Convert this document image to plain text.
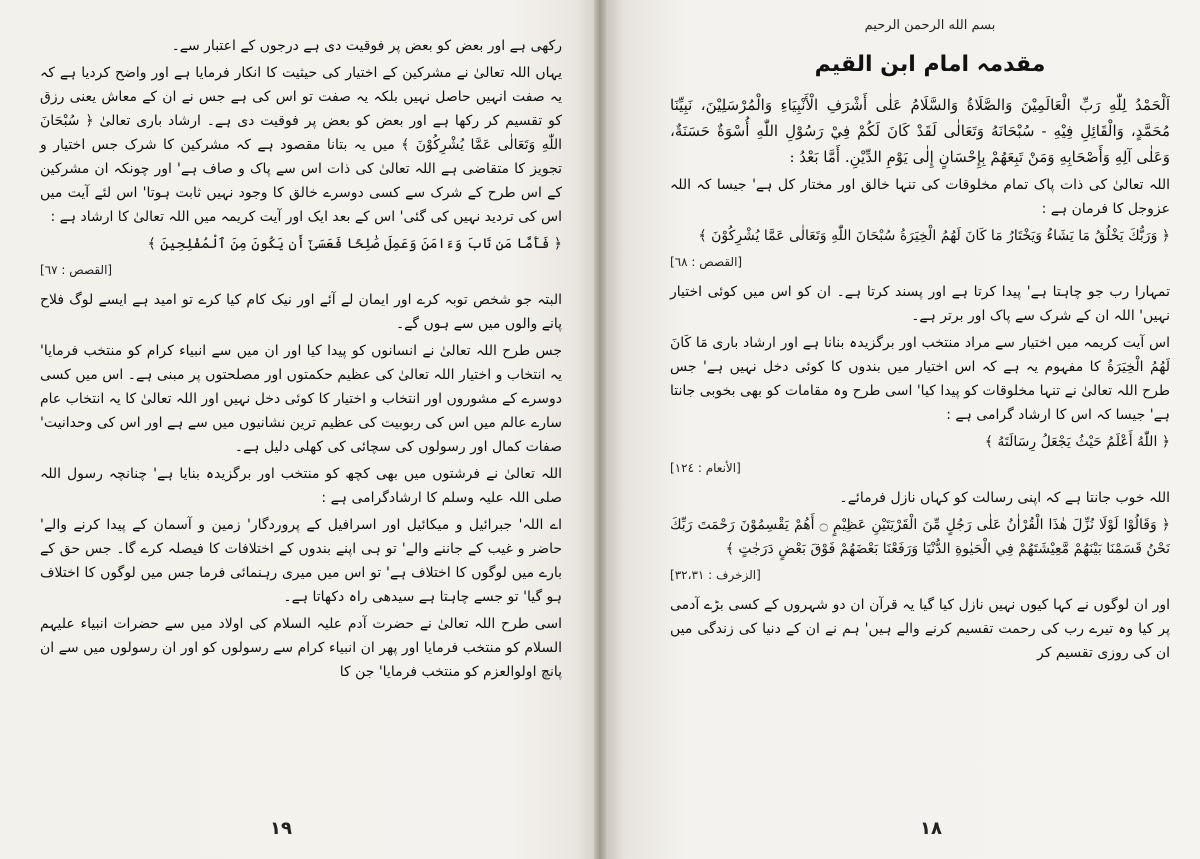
رکھی ہے اور بعض کو بعض پر فوقیت دی ہے درجوں کے اعتبار سے۔

یہاں اللہ تعالیٰ نے مشرکین کے اختیار کی حیثیت کا انکار فرمایا ہے اور واضح کردیا ہے کہ یہ صفت انہیں حاصل نہیں بلکہ یہ صفت تو اس کی ہے جس نے ان کے معاش یعنی رزق کو تقسیم کر رکھا ہے اور بعض کو بعض پر فوقیت دی ہے۔ ارشاد باری تعالیٰ ﴿ سُبْحَانَ اللّٰهِ وَتَعَالٰى عَمَّا يُشْرِكُوْنَ ﴾ میں یہ بتانا مقصود ہے کہ مشرکین کا شرک جس اختیار و تجویز کا متقاضی ہے اللہ تعالیٰ کی ذات اس سے پاک و صاف ہے' اور چونکہ ان مشرکین کے اس طرح کے شرک سے کسی دوسرے خالق کا وجود نہیں ثابت ہوتا' اس لئے آیت میں اس کی تردید نہیں کی گئی' اس کے بعد ایک اور آیت کریمہ میں اللہ تعالیٰ کا ارشاد ہے :

﴿ فَأَمَّا مَن تَابَ وَءَامَنَ وَعَمِلَ صَٰلِحًا فَعَسَىٰٓ أَن يَكُونَ مِنَ ٱلْمُفْلِحِينَ ﴾

[القصص : ٦٧]

البتہ جو شخص توبہ کرے اور ایمان لے آئے اور نیک کام کیا کرے تو امید ہے ایسے لوگ فلاح پانے والوں میں سے ہوں گے۔

جس طرح اللہ تعالیٰ نے انسانوں کو پیدا کیا اور ان میں سے انبیاء کرام کو منتخب فرمایا' یہ انتخاب و اختیار اللہ تعالیٰ کی عظیم حکمتوں اور مصلحتوں پر مبنی ہے۔ اس میں کسی دوسرے کے مشوروں اور انتخاب و اختیار کا کوئی دخل نہیں اور اللہ تعالیٰ کا یہ انتخاب عام سارے عالم میں اس کی ربوبیت کی عظیم ترین نشانیوں میں سے ہے اور اس کی وحدانیت' صفات کمال اور رسولوں کی سچائی کی کھلی دلیل ہے۔

اللہ تعالیٰ نے فرشتوں میں بھی کچھ کو منتخب اور برگزیدہ بنایا ہے' چنانچہ رسول اللہ صلی اللہ علیہ وسلم کا ارشادگرامی ہے :

اے اللہ' جبرائیل و میکائیل اور اسرافیل کے پروردگار' زمین و آسمان کے پیدا کرنے والے' حاضر و غیب کے جاننے والے' تو ہی اپنے بندوں کے اختلافات کا فیصلہ کرے گا۔ جس حق کے بارے میں لوگوں کا اختلاف ہے' تو اس میں میری رہنمائی فرما جس میں لوگوں کا اختلاف ہو گیا' تو جسے چاہتا ہے سیدھی راہ دکھاتا ہے۔

اسی طرح اللہ تعالیٰ نے حضرت آدم علیہ السلام کی اولاد میں سے حضرات انبیاء علیہم السلام کو منتخب فرمایا اور پھر ان انبیاء کرام سے رسولوں کو اور ان رسولوں میں سے ان پانچ اولوالعزم کو منتخب فرمایا' جن کا

۱۹
بسم الله الرحمن الرحيم
مقدمہ امام ابن القیم

اَلْحَمْدُ لِلّٰهِ رَبِّ الْعَالَمِيْنَ وَالصَّلَاةُ وَالسَّلَامُ عَلٰى أَشْرَفِ الْأَنْبِيَاءِ وَالْمُرْسَلِيْنَ، نَبِيِّنَا مُحَمَّدٍ، وَالْقَائِلِ فِيْهِ - سُبْحَانَهُ وَتَعَالٰى لَقَدْ كَانَ لَكُمْ فِيْ رَسُوْلِ اللّٰهِ أُسْوَةٌ حَسَنَةٌ، وَعَلٰى آلِهِ وَأَصْحَابِهِ وَمَنْ تَبِعَهُمْ بِإِحْسَانٍ إِلٰى يَوْمِ الدِّيْنِ. أَمَّا بَعْدُ :

اللہ تعالیٰ کی ذات پاک تمام مخلوقات کی تنہا خالق اور مختار کل ہے' جیسا کہ اللہ عزوجل کا فرمان ہے :

﴿ وَرَبُّكَ يَخْلُقُ مَا يَشَاءُ وَيَخْتَارُ مَا كَانَ لَهُمُ الْخِيَرَةُ سُبْحَانَ اللّٰهِ وَتَعَالٰى عَمَّا يُشْرِكُوْنَ ﴾

[القصص : ٦٨]

تمہارا رب جو چاہتا ہے' پیدا کرتا ہے اور پسند کرتا ہے۔ ان کو اس میں کوئی اختیار نہیں' اللہ ان کے شرک سے پاک اور برتر ہے۔

اس آیت کریمہ میں اختیار سے مراد منتخب اور برگزیدہ بنانا ہے اور ارشاد باری مَا كَانَ لَهُمُ الْخِيَرَةُ کا مفہوم یہ ہے کہ اس اختیار میں بندوں کا کوئی دخل نہیں ہے' جس طرح اللہ تعالیٰ نے تنہا مخلوقات کو پیدا کیا' اسی طرح وہ مقامات کو بھی بخوبی جانتا ہے' جیسا کہ اس کا ارشاد گرامی ہے :

﴿ اللّٰهُ أَعْلَمُ حَيْثُ يَجْعَلُ رِسَالَتَهُ ﴾

[الأنعام : ١٢٤]

اللہ خوب جانتا ہے کہ اپنی رسالت کو کہاں نازل فرمائے۔

﴿ وَقَالُوْا لَوْلَا نُزِّلَ هٰذَا الْقُرْاٰنُ عَلٰى رَجُلٍ مِّنَ الْقَرْيَتَيْنِ عَظِيْمٍ ۝ أَهُمْ يَقْسِمُوْنَ رَحْمَتَ رَبِّكَ نَحْنُ قَسَمْنَا بَيْنَهُمْ مَّعِيْشَتَهُمْ فِي الْحَيٰوةِ الدُّنْيَا وَرَفَعْنَا بَعْضَهُمْ فَوْقَ بَعْضٍ دَرَجٰتٍ ﴾

[الزخرف : ٣٢،٣١]

اور ان لوگوں نے کہا کیوں نہیں نازل کیا گیا یہ قرآن ان دو شہروں کے کسی بڑے آدمی پر کیا وہ تیرے رب کی رحمت تقسیم کرنے والے ہیں' ہم نے ان کے دنیا کی زندگی میں ان کی روزی تقسیم کر

۱۸
